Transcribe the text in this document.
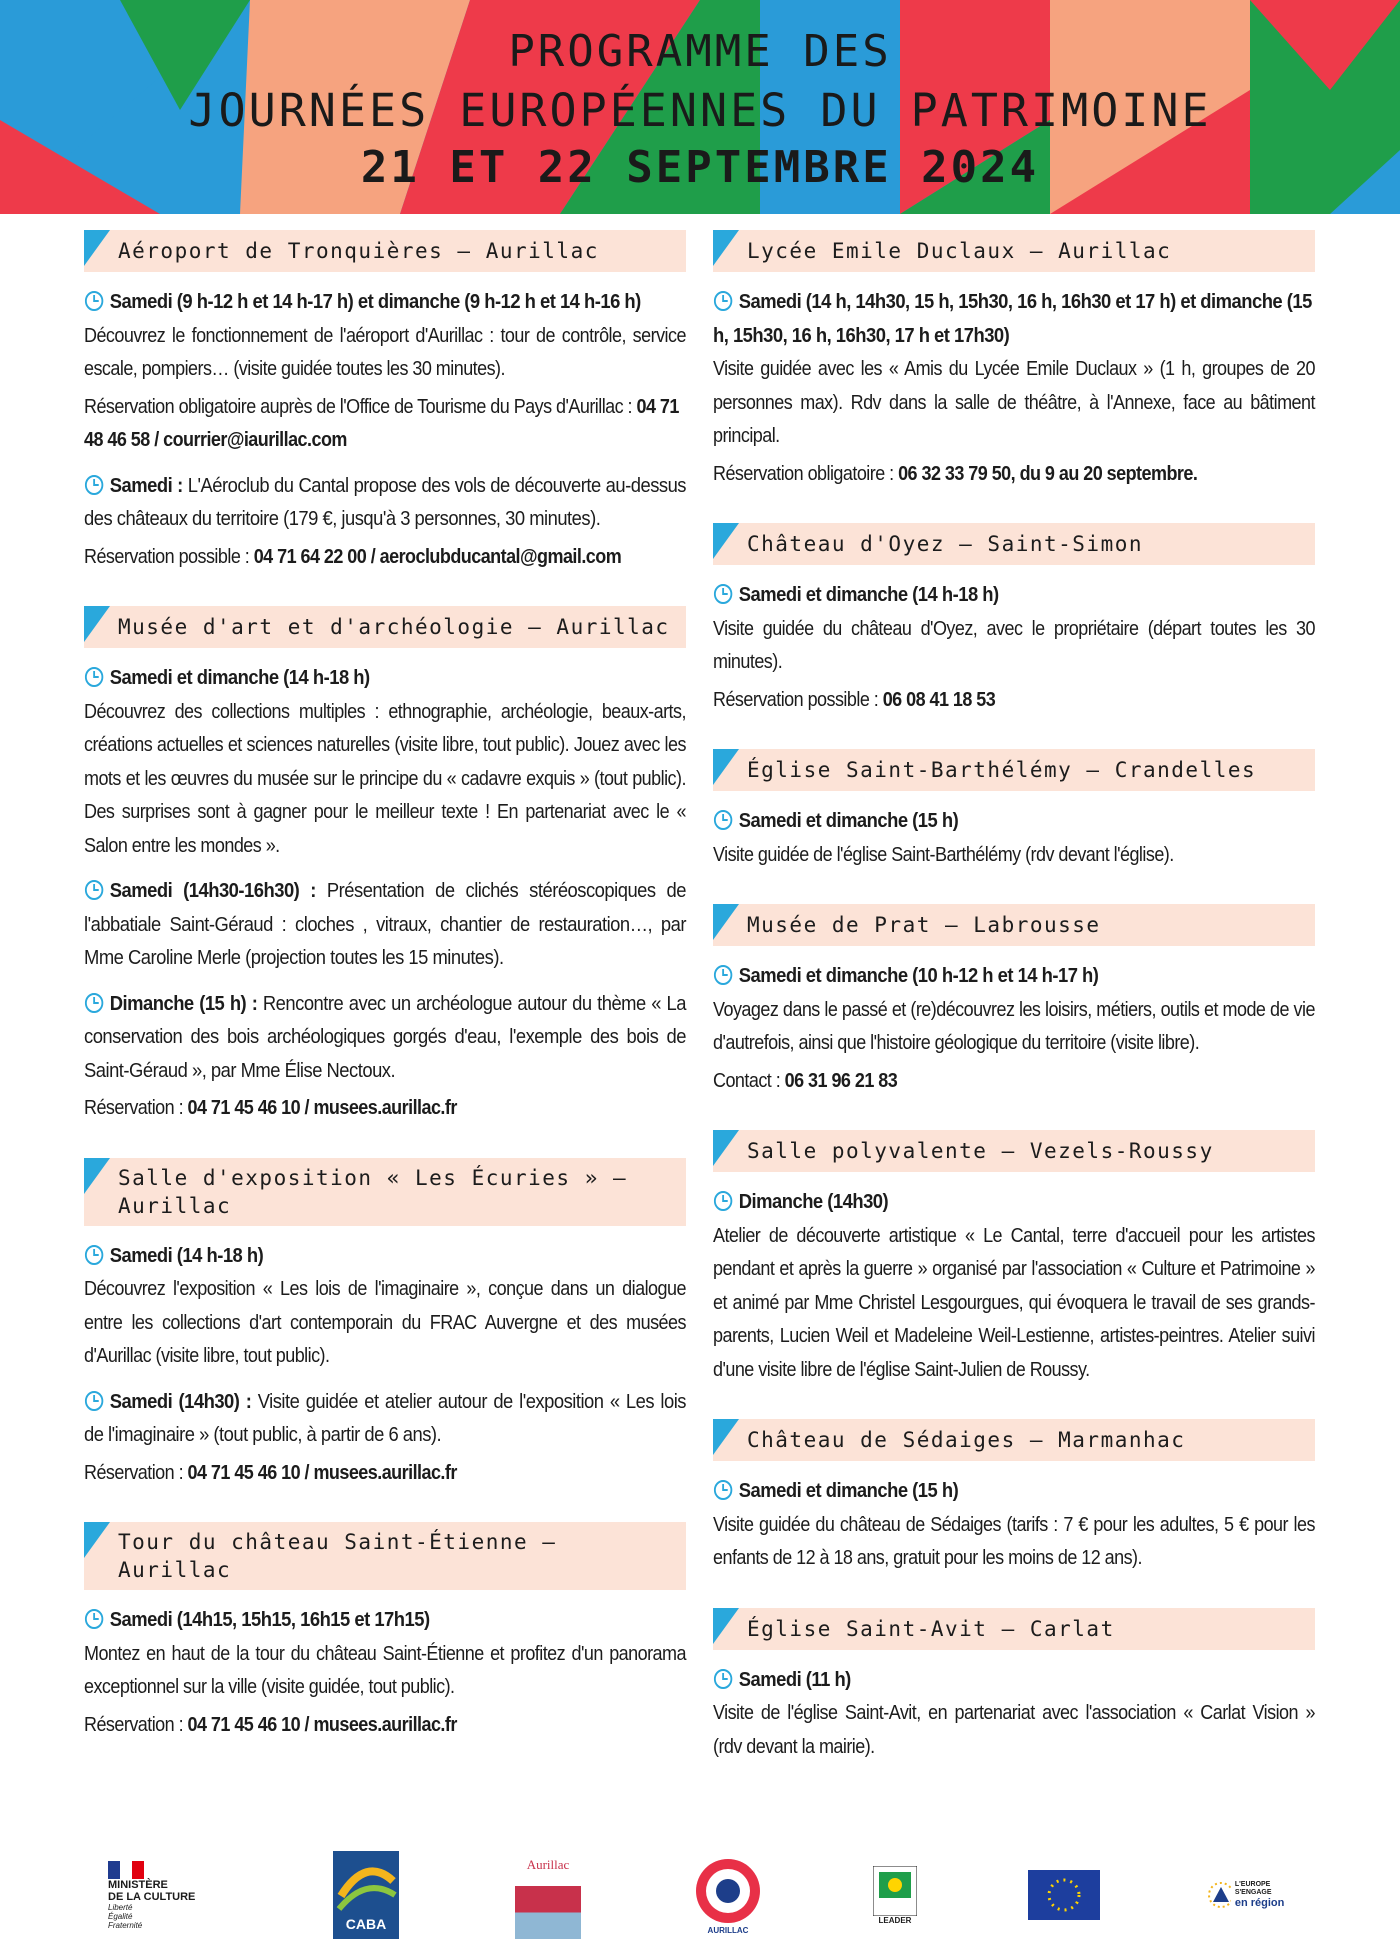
PROGRAMME DES
JOURNÉES EUROPÉENNES DU PATRIMOINE
21 ET 22 SEPTEMBRE 2024
Aéroport de Tronquières – Aurillac
Samedi (9 h-12 h et 14 h-17 h) et dimanche (9 h-12 h et 14 h-16 h)
Découvrez le fonctionnement de l'aéroport d'Aurillac : tour de contrôle, service escale, pompiers… (visite guidée toutes les 30 minutes).
Réservation obligatoire auprès de l'Office de Tourisme du Pays d'Aurillac : 04 71 48 46 58 / courrier@iaurillac.com
Samedi : L'Aéroclub du Cantal propose des vols de découverte au-dessus des châteaux du territoire (179 €, jusqu'à 3 personnes, 30 minutes).
Réservation possible : 04 71 64 22 00 / aeroclubducantal@gmail.com
Musée d'art et d'archéologie – Aurillac
Samedi et dimanche (14 h-18 h)
Découvrez des collections multiples : ethnographie, archéologie, beaux-arts, créations actuelles et sciences naturelles (visite libre, tout public). Jouez avec les mots et les œuvres du musée sur le principe du « cadavre exquis » (tout public). Des surprises sont à gagner pour le meilleur texte ! En partenariat avec le « Salon entre les mondes ».
Samedi (14h30-16h30) : Présentation de clichés stéréoscopiques de l'abbatiale Saint-Géraud : cloches , vitraux, chantier de restauration…, par Mme Caroline Merle (projection toutes les 15 minutes).
Dimanche (15 h) : Rencontre avec un archéologue autour du thème « La conservation des bois archéologiques gorgés d'eau, l'exemple des bois de Saint-Géraud », par Mme Élise Nectoux.
Réservation : 04 71 45 46 10 / musees.aurillac.fr
Salle d'exposition « Les Écuries » – Aurillac
Samedi (14 h-18 h)
Découvrez l'exposition « Les lois de l'imaginaire », conçue dans un dialogue entre les collections d'art contemporain du FRAC Auvergne et des musées d'Aurillac (visite libre, tout public).
Samedi (14h30) : Visite guidée et atelier autour de l'exposition « Les lois de l'imaginaire » (tout public, à partir de 6 ans).
Réservation : 04 71 45 46 10 / musees.aurillac.fr
Tour du château Saint-Étienne – Aurillac
Samedi (14h15, 15h15, 16h15 et 17h15)
Montez en haut de la tour du château Saint-Étienne et profitez d'un panorama exceptionnel sur la ville (visite guidée, tout public).
Réservation : 04 71 45 46 10 / musees.aurillac.fr
Lycée Emile Duclaux – Aurillac
Samedi (14 h, 14h30, 15 h, 15h30, 16 h, 16h30 et 17 h) et dimanche (15 h, 15h30, 16 h, 16h30, 17 h et 17h30)
Visite guidée avec les « Amis du Lycée Emile Duclaux » (1 h, groupes de 20 personnes max). Rdv dans la salle de théâtre, à l'Annexe, face au bâtiment principal.
Réservation obligatoire : 06 32 33 79 50, du 9 au 20 septembre.
Château d'Oyez – Saint-Simon
Samedi et dimanche (14 h-18 h)
Visite guidée du château d'Oyez, avec le propriétaire (départ toutes les 30 minutes).
Réservation possible : 06 08 41 18 53
Église Saint-Barthélémy – Crandelles
Samedi et dimanche (15 h)
Visite guidée de l'église Saint-Barthélémy (rdv devant l'église).
Musée de Prat – Labrousse
Samedi et dimanche (10 h-12 h et 14 h-17 h)
Voyagez dans le passé et (re)découvrez les loisirs, métiers, outils et mode de vie d'autrefois, ainsi que l'histoire géologique du territoire (visite libre).
Contact : 06 31 96 21 83
Salle polyvalente – Vezels-Roussy
Dimanche (14h30)
Atelier de découverte artistique « Le Cantal, terre d'accueil pour les artistes pendant et après la guerre » organisé par l'association « Culture et Patrimoine » et animé par Mme Christel Lesgourgues, qui évoquera le travail de ses grands-parents, Lucien Weil et Madeleine Weil-Lestienne, artistes-peintres. Atelier suivi d'une visite libre de l'église Saint-Julien de Roussy.
Château de Sédaiges – Marmanhac
Samedi et dimanche (15 h)
Visite guidée du château de Sédaiges (tarifs : 7 € pour les adultes, 5 € pour les enfants de 12 à 18 ans, gratuit pour les moins de 12 ans).
Église Saint-Avit – Carlat
Samedi (11 h)
Visite de l'église Saint-Avit, en partenariat avec l'association « Carlat Vision » (rdv devant la mairie).
MINISTÈRE
DE LA CULTURE
Liberté
Égalité
Fraternité	CABA
Aurillac
AURILLAC
LEADER
L'EUROPE S'ENGAGE
en région
